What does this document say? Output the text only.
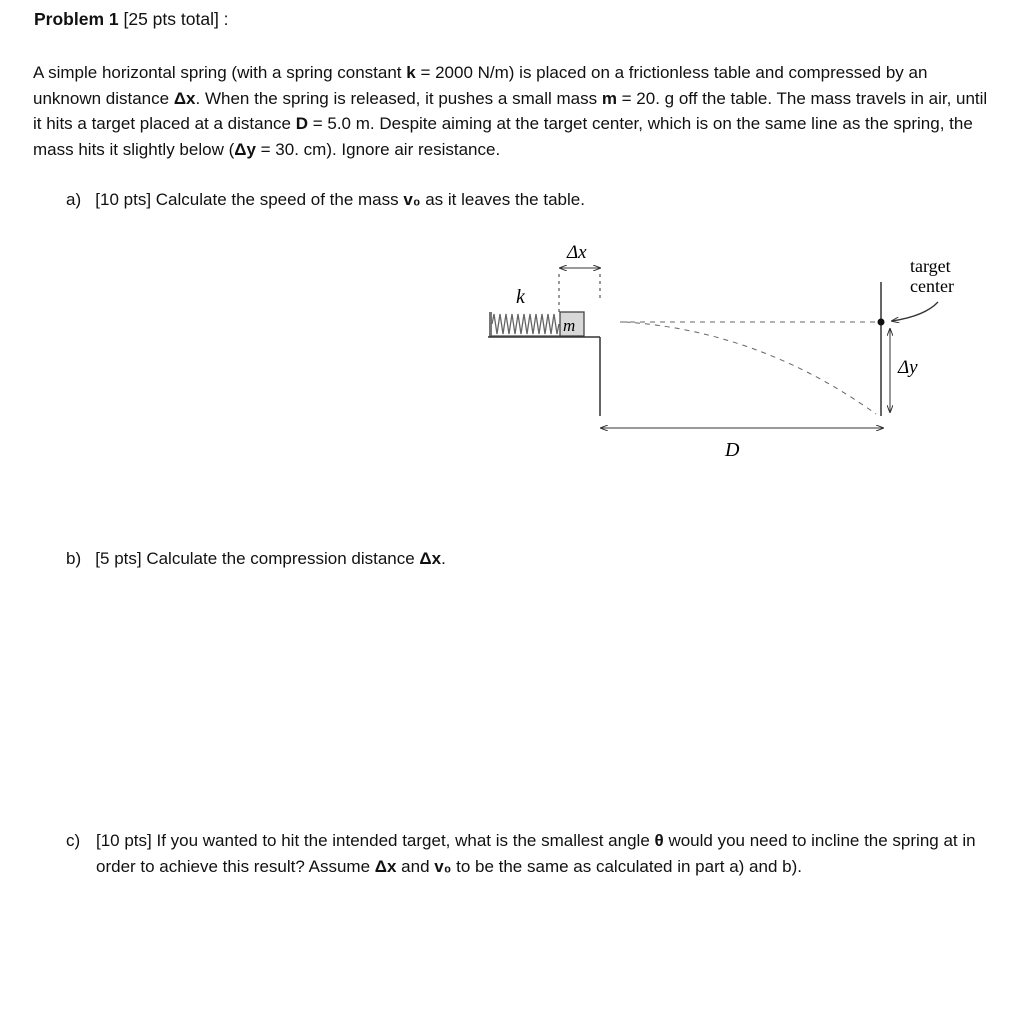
Problem 1 [25 pts total] :
A simple horizontal spring (with a spring constant k = 2000 N/m) is placed on a frictionless table and compressed by an unknown distance Δx. When the spring is released, it pushes a small mass m = 20. g off the table. The mass travels in air, until it hits a target placed at a distance D = 5.0 m. Despite aiming at the target center, which is on the same line as the spring, the mass hits it slightly below (Δy = 30. cm). Ignore air resistance.
a) [10 pts] Calculate the speed of the mass v₀ as it leaves the table.
Δx
k
m
target
center
Δy
D
b) [5 pts] Calculate the compression distance Δx.
c) [10 pts] If you wanted to hit the intended target, what is the smallest angle θ would you need to incline the spring at in order to achieve this result? Assume Δx and v₀ to be the same as calculated in part a) and b).
